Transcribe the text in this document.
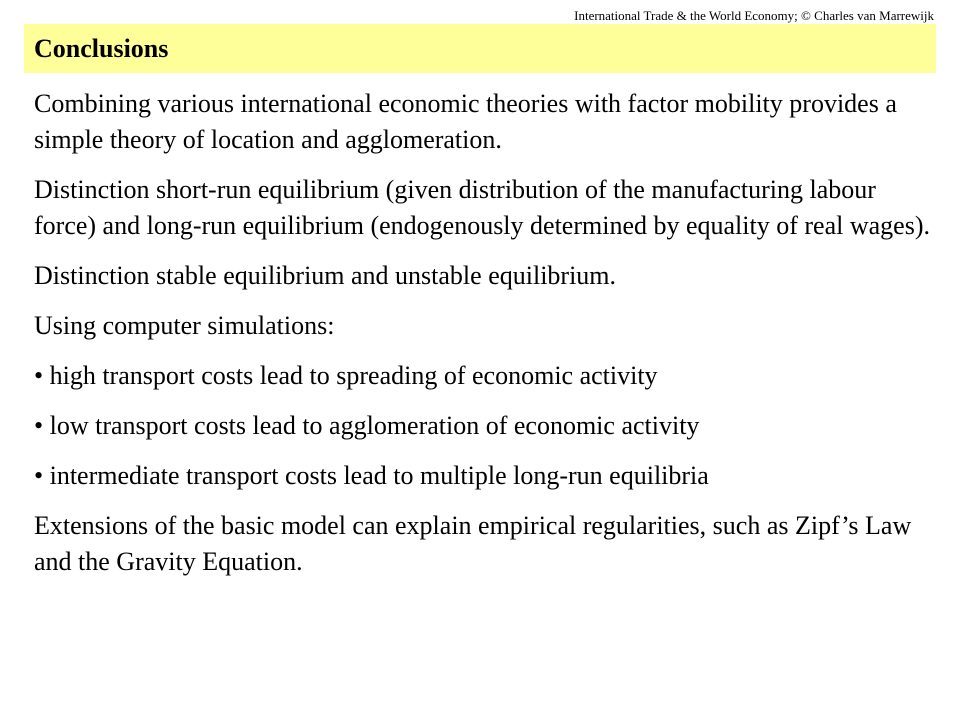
International Trade & the World Economy; © Charles van Marrewijk
Conclusions

Combining various international economic theories with factor mobility provides a simple theory of location and agglomeration.

Distinction short-run equilibrium (given distribution of the manufacturing labour force) and long-run equilibrium (endogenously determined by equality of real wages).

Distinction stable equilibrium and unstable equilibrium.

Using computer simulations:

• high transport costs lead to spreading of economic activity

• low transport costs lead to agglomeration of economic activity

• intermediate transport costs lead to multiple long-run equilibria

Extensions of the basic model can explain empirical regularities, such as Zipf’s Law and the Gravity Equation.
